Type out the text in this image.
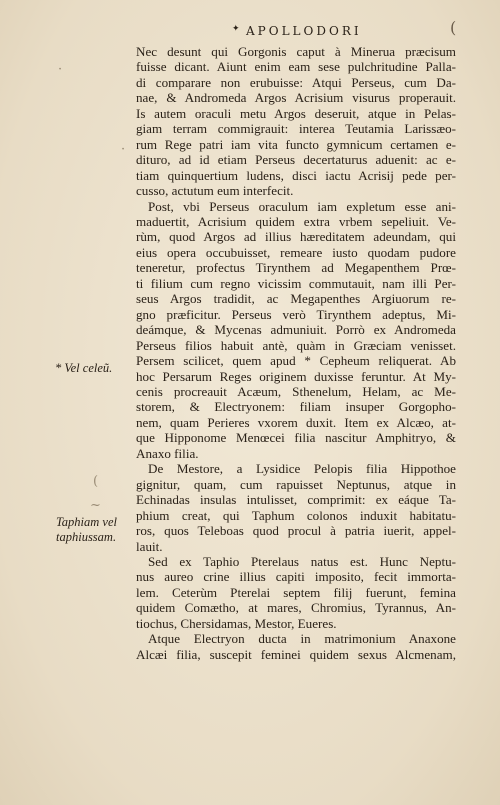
✦ APOLLODORI	(
·
·
(
~
* Vel celeũ.
Taphiam vel
taphiussam.

Nec desunt qui Gorgonis caput à Minerua præcisum
fuisse dicant. Aiunt enim eam sese pulchritudine Palla-
di comparare non erubuisse: Atqui Perseus, cum Da-
nae, & Andromeda Argos Acrisium visurus properauit.
Is autem oraculi metu Argos deseruit, atque in Pelas-
giam terram commigrauit: interea Teutamia Larissæo-
rum Rege patri iam vita functo gymnicum certamen e-
dituro, ad id etiam Perseus decertaturus aduenit: ac e-
tiam quinquertium ludens, disci iactu Acrisij pede per-
cusso, actutum eum interfecit.

Post, vbi Perseus oraculum iam expletum esse ani-
maduertit, Acrisium quidem extra vrbem sepeliuit. Ve-
rùm, quod Argos ad illius hæreditatem adeundam, qui
eius opera occubuisset, remeare iusto quodam pudore
teneretur, profectus Tirynthem ad Megapenthem Prœ-
ti filium cum regno vicissim commutauit, nam illi Per-
seus Argos tradidit, ac Megapenthes Argiuorum re-
gno præficitur. Perseus verò Tirynthem adeptus, Mi-
deámque, & Mycenas admuniuit. Porrò ex Andromeda
Perseus filios habuit antè, quàm in Græciam venisset.
Persem scilicet, quem apud * Cepheum reliquerat. Ab
hoc Persarum Reges originem duxisse feruntur. At My-
cenis procreauit Acæum, Sthenelum, Helam, ac Me-
storem, & Electryonem: filiam insuper Gorgopho-
nem, quam Perieres vxorem duxit. Item ex Alcæo, at-
que Hipponome Menœcei filia nascitur Amphitryo, &
Anaxo filia.

De Mestore, a Lysidice Pelopis filia Hippothoe
gignitur, quam, cum rapuisset Neptunus, atque in
Echinadas insulas intulisset, comprimit: ex eáque Ta-
phium creat, qui Taphum colonos induxit habitatu-
ros, quos Teleboas quod procul à patria iuerit, appel-
lauit.

Sed ex Taphio Pterelaus natus est. Hunc Neptu-
nus aureo crine illius capiti imposito, fecit immorta-
lem. Ceterùm Pterelai septem filij fuerunt, femina
quidem Comætho, at mares, Chromius, Tyrannus, An-
tiochus, Chersidamas, Mestor, Eueres.

Atque Electryon ducta in matrimonium Anaxone
Alcæi filia, suscepit feminei quidem sexus Alcmenam,
